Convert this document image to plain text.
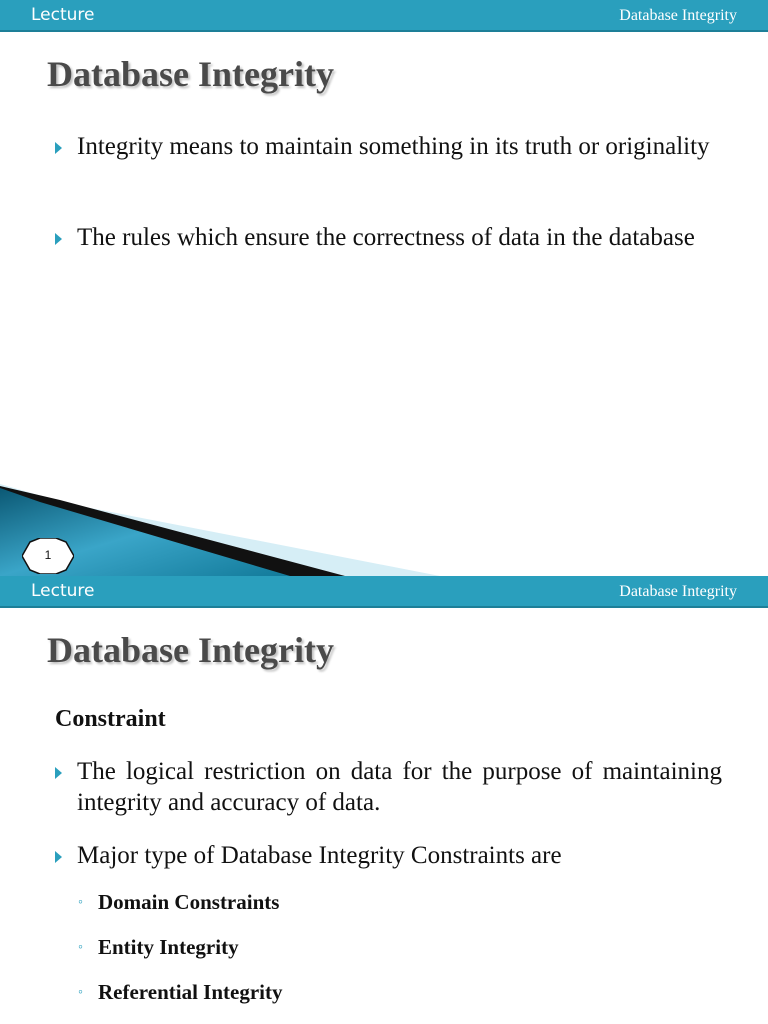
Lecture	Database Integrity
Database Integrity
Integrity means to maintain something in its truth or originality
The rules which ensure the correctness of data in the database
1
Lecture	Database Integrity
Database Integrity
Constraint
The logical restriction on data for the purpose of maintaining integrity and accuracy of data.
Major type of Database Integrity Constraints are
◦ Domain Constraints
◦ Entity Integrity
◦ Referential Integrity
